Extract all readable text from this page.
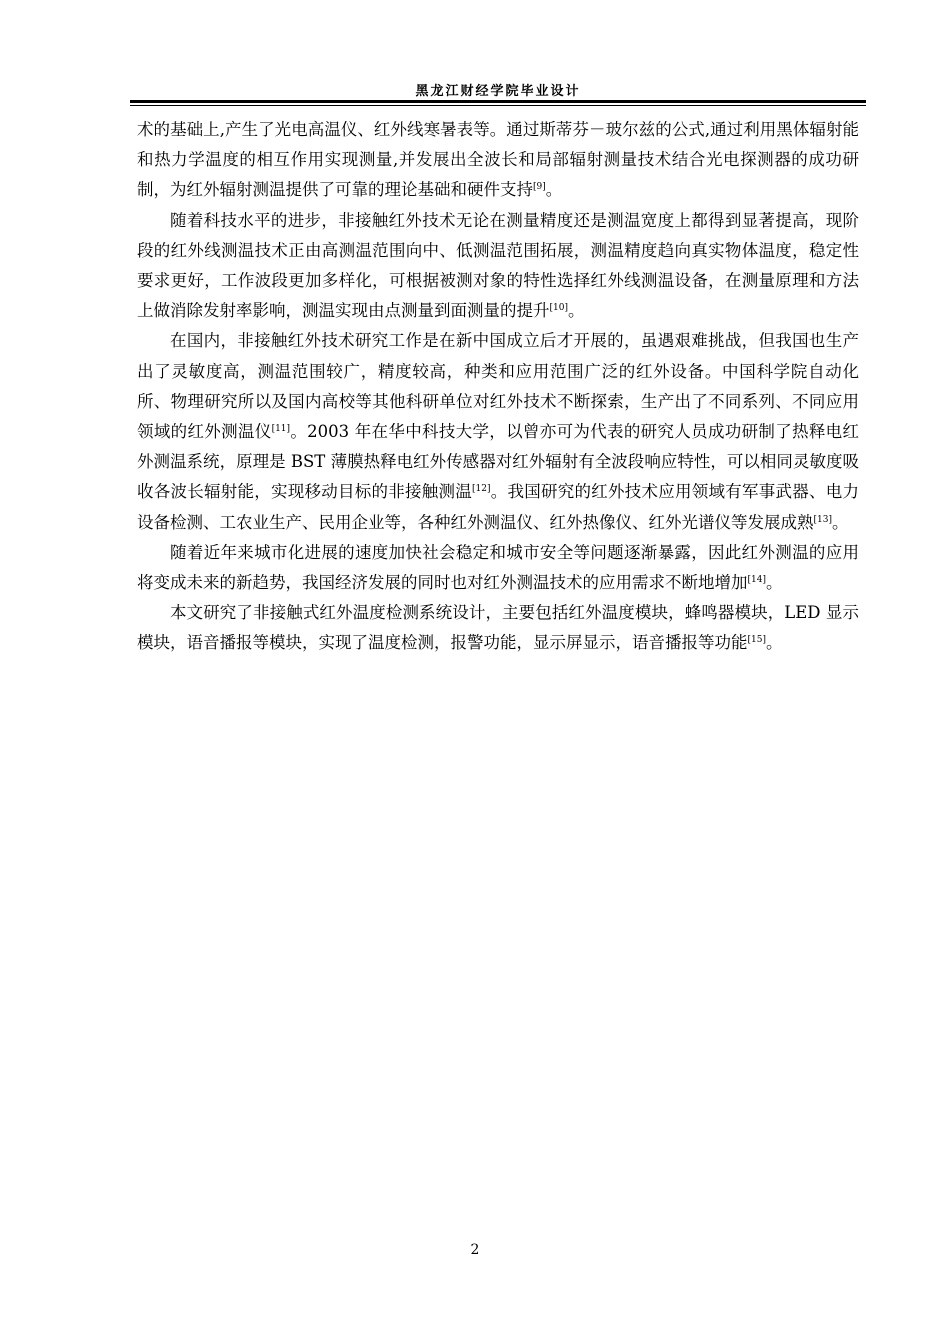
黑龙江财经学院毕业设计

术的基础上,产生了光电高温仪、红外线寒暑表等。通过斯蒂芬－玻尔兹的公式,通过利用黑体辐射能和热力学温度的相互作用实现测量,并发展出全波长和局部辐射测量技术结合光电探测器的成功研制，为红外辐射测温提供了可靠的理论基础和硬件支持[9]。

随着科技水平的进步，非接触红外技术无论在测量精度还是测温宽度上都得到显著提高，现阶段的红外线测温技术正由高测温范围向中、低测温范围拓展，测温精度趋向真实物体温度，稳定性要求更好，工作波段更加多样化，可根据被测对象的特性选择红外线测温设备，在测量原理和方法上做消除发射率影响，测温实现由点测量到面测量的提升[10]。

在国内，非接触红外技术研究工作是在新中国成立后才开展的，虽遇艰难挑战，但我国也生产出了灵敏度高，测温范围较广，精度较高，种类和应用范围广泛的红外设备。中国科学院自动化所、物理研究所以及国内高校等其他科研单位对红外技术不断探索，生产出了不同系列、不同应用领域的红外测温仪[11]。2003 年在华中科技大学，以曾亦可为代表的研究人员成功研制了热释电红外测温系统，原理是 BST 薄膜热释电红外传感器对红外辐射有全波段响应特性，可以相同灵敏度吸收各波长辐射能，实现移动目标的非接触测温[12]。我国研究的红外技术应用领域有军事武器、电力设备检测、工农业生产、民用企业等，各种红外测温仪、红外热像仪、红外光谱仪等发展成熟[13]。

随着近年来城市化进展的速度加快社会稳定和城市安全等问题逐渐暴露，因此红外测温的应用将变成未来的新趋势，我国经济发展的同时也对红外测温技术的应用需求不断地增加[14]。

本文研究了非接触式红外温度检测系统设计，主要包括红外温度模块，蜂鸣器模块，LED 显示模块，语音播报等模块，实现了温度检测，报警功能，显示屏显示，语音播报等功能[15]。

2
